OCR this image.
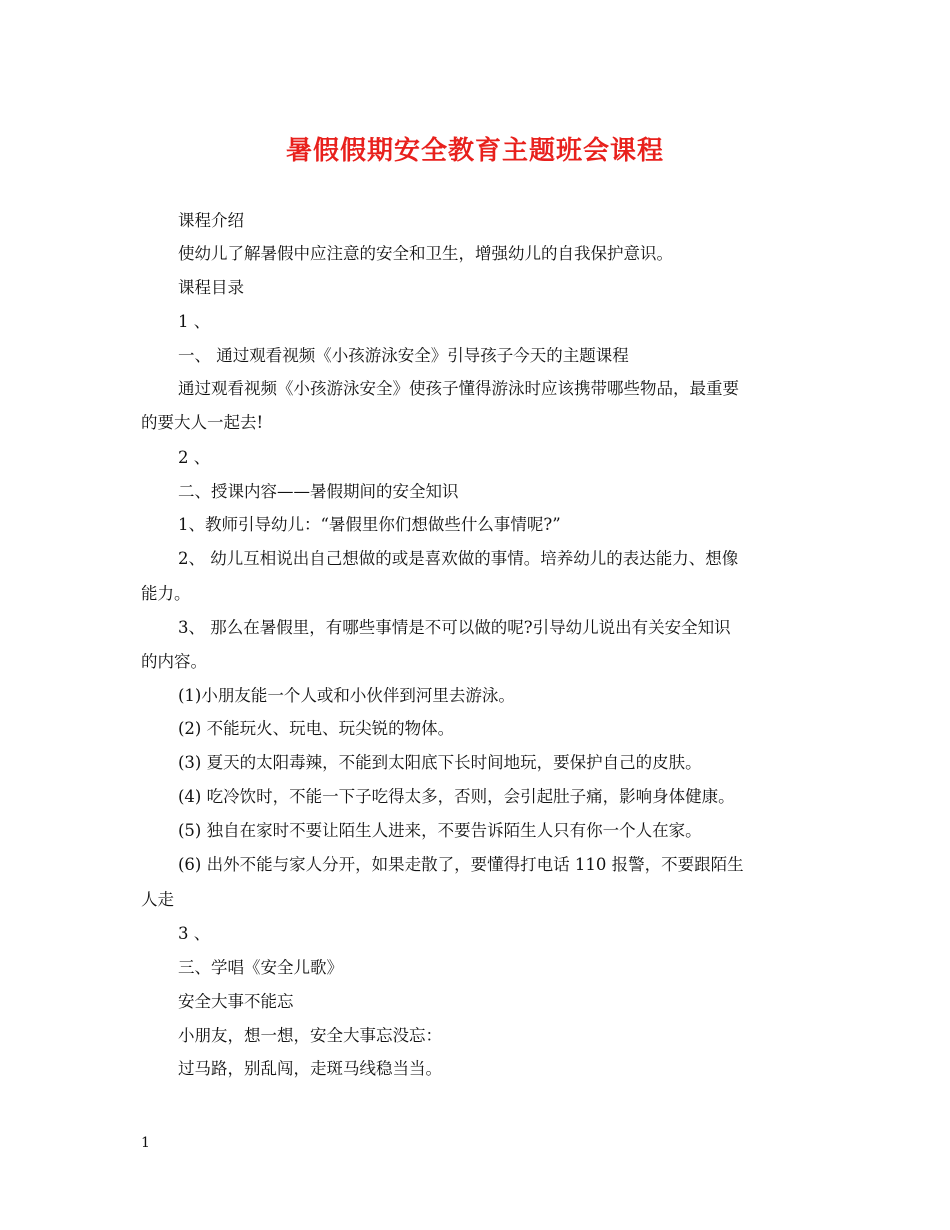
暑假假期安全教育主题班会课程
课程介绍
使幼儿了解暑假中应注意的安全和卫生，增强幼儿的自我保护意识。
课程目录
1 、
一、 通过观看视频《小孩游泳安全》引导孩子今天的主题课程
通过观看视频《小孩游泳安全》使孩子懂得游泳时应该携带哪些物品，最重要
的要大人一起去!
2 、
二、授课内容——暑假期间的安全知识
1、教师引导幼儿：“暑假里你们想做些什么事情呢?”
2、 幼儿互相说出自己想做的或是喜欢做的事情。培养幼儿的表达能力、想像
能力。
3、 那么在暑假里，有哪些事情是不可以做的呢?引导幼儿说出有关安全知识
的内容。
(1)小朋友能一个人或和小伙伴到河里去游泳。
(2) 不能玩火、玩电、玩尖锐的物体。
(3) 夏天的太阳毒辣，不能到太阳底下长时间地玩，要保护自己的皮肤。
(4) 吃冷饮时，不能一下子吃得太多，否则，会引起肚子痛，影响身体健康。
(5) 独自在家时不要让陌生人进来，不要告诉陌生人只有你一个人在家。
(6) 出外不能与家人分开，如果走散了，要懂得打电话 110 报警，不要跟陌生
人走
3 、
三、学唱《安全儿歌》
安全大事不能忘
小朋友，想一想，安全大事忘没忘：
过马路，别乱闯，走斑马线稳当当。
1
